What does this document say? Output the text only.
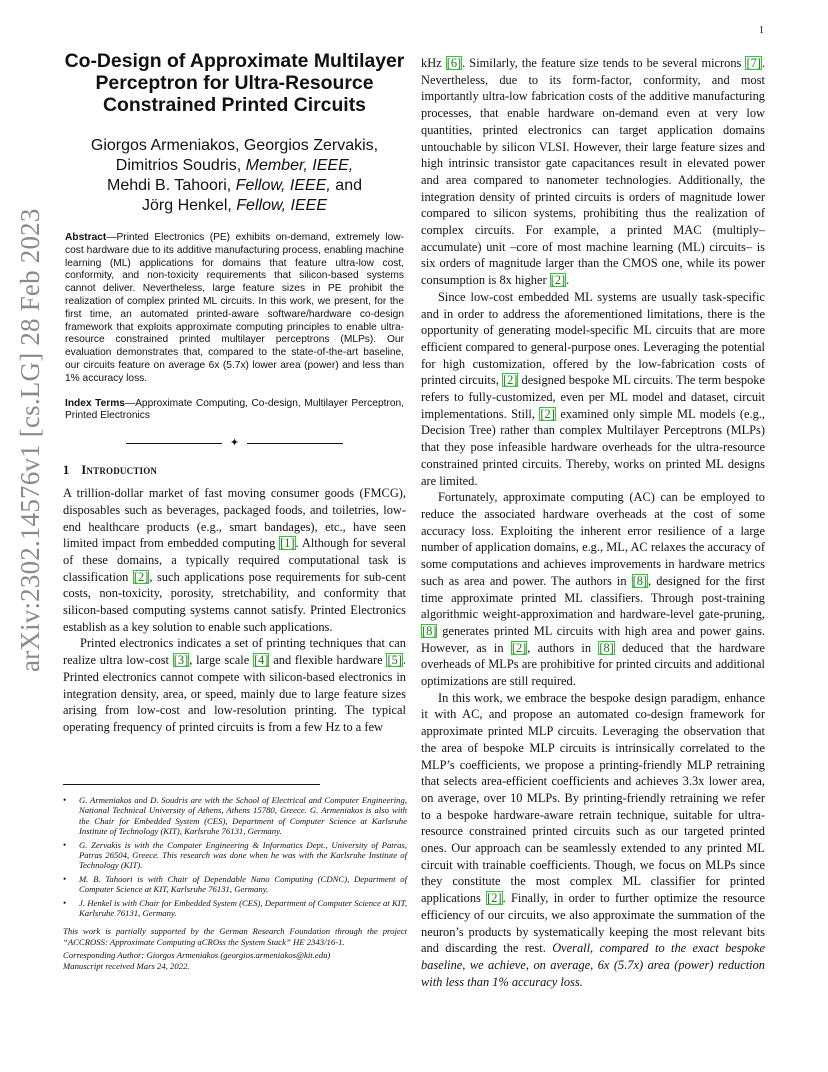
1
arXiv:2302.14576v1 [cs.LG] 28 Feb 2023
Co-Design of Approximate Multilayer
Perceptron for Ultra-Resource
Constrained Printed Circuits
Giorgos Armeniakos, Georgios Zervakis,
Dimitrios Soudris, Member, IEEE,
Mehdi B. Tahoori, Fellow, IEEE, and
Jörg Henkel, Fellow, IEEE

Abstract—Printed Electronics (PE) exhibits on-demand, extremely low-cost hardware due to its additive manufacturing process, enabling machine learning (ML) applications for domains that feature ultra-low cost, conformity, and non-toxicity requirements that silicon-based systems cannot deliver. Nevertheless, large feature sizes in PE prohibit the realization of complex printed ML circuits. In this work, we present, for the first time, an automated printed-aware software/hardware co-design framework that exploits approximate computing principles to enable ultra-resource constrained printed multilayer perceptrons (MLPs). Our evaluation demonstrates that, compared to the state-of-the-art baseline, our circuits feature on average 6x (5.7x) lower area (power) and less than 1% accuracy loss.

Index Terms—Approximate Computing, Co-design, Multilayer Perceptron, Printed Electronics

✦
1 Introduction

A trillion-dollar market of fast moving consumer goods (FMCG), disposables such as beverages, packaged foods, and toiletries, low-end healthcare products (e.g., smart bandages), etc., have seen limited impact from embedded computing [1]. Although for several of these domains, a typically required computational task is classification [2], such applications pose requirements for sub-cent costs, non-toxicity, porosity, stretchability, and conformity that silicon-based computing systems cannot satisfy. Printed Electronics establish as a key solution to enable such applications.

Printed electronics indicates a set of printing techniques that can realize ultra low-cost [3], large scale [4] and flexible hardware [5]. Printed electronics cannot compete with silicon-based electronics in integration density, area, or speed, mainly due to large feature sizes arising from low-cost and low-resolution printing. The typical operating frequency of printed circuits is from a few Hz to a few

• G. Armeniakos and D. Soudris are with the School of Electrical and Computer Engineering, National Technical University of Athens, Athens 15780, Greece. G. Armeniakos is also with the Chair for Embedded System (CES), Department of Computer Science at Karlsruhe Institute of Technology (KIT), Karlsruhe 76131, Germany.
• G. Zervakis is with the Computer Engineering & Informatics Dept., University of Patras, Patras 26504, Greece. This research was done when he was with the Karlsruhe Institute of Technology (KIT).
• M. B. Tahoori is with Chair of Dependable Nano Computing (CDNC), Department of Computer Science at KIT, Karlsruhe 76131, Germany.
• J. Henkel is with Chair for Embedded System (CES), Department of Computer Science at KIT, Karlsruhe 76131, Germany.

This work is partially supported by the German Research Foundation through the project “ACCROSS: Approximate Computing aCROss the System Stack” HE 2343/16-1.

Corresponding Author: Giorgos Armeniakos (georgios.armeniakos@kit.edu)

Manuscript received Mars 24, 2022.

kHz [6]. Similarly, the feature size tends to be several microns [7]. Nevertheless, due to its form-factor, conformity, and most importantly ultra-low fabrication costs of the additive manufacturing processes, that enable hardware on-demand even at very low quantities, printed electronics can target application domains untouchable by silicon VLSI. However, their large feature sizes and high intrinsic transistor gate capacitances result in elevated power and area compared to nanometer technologies. Additionally, the integration density of printed circuits is orders of magnitude lower compared to silicon systems, prohibiting thus the realization of complex circuits. For example, a printed MAC (multiply–accumulate) unit –core of most machine learning (ML) circuits– is six orders of magnitude larger than the CMOS one, while its power consumption is 8x higher [2].

Since low-cost embedded ML systems are usually task-specific and in order to address the aforementioned limitations, there is the opportunity of generating model-specific ML circuits that are more efficient compared to general-purpose ones. Leveraging the potential for high customization, offered by the low-fabrication costs of printed circuits, [2] designed bespoke ML circuits. The term bespoke refers to fully-customized, even per ML model and dataset, circuit implementations. Still, [2] examined only simple ML models (e.g., Decision Tree) rather than complex Multilayer Perceptrons (MLPs) that they pose infeasible hardware overheads for the ultra-resource constrained printed circuits. Thereby, works on printed ML designs are limited.

Fortunately, approximate computing (AC) can be employed to reduce the associated hardware overheads at the cost of some accuracy loss. Exploiting the inherent error resilience of a large number of application domains, e.g., ML, AC relaxes the accuracy of some computations and achieves improvements in hardware metrics such as area and power. The authors in [8], designed for the first time approximate printed ML classifiers. Through post-training algorithmic weight-approximation and hardware-level gate-pruning, [8] generates printed ML circuits with high area and power gains. However, as in [2], authors in [8] deduced that the hardware overheads of MLPs are prohibitive for printed circuits and additional optimizations are still required.

In this work, we embrace the bespoke design paradigm, enhance it with AC, and propose an automated co-design framework for approximate printed MLP circuits. Leveraging the observation that the area of bespoke MLP circuits is intrinsically correlated to the MLP’s coefficients, we propose a printing-friendly MLP retraining that selects area-efficient coefficients and achieves 3.3x lower area, on average, over 10 MLPs. By printing-friendly retraining we refer to a bespoke hardware-aware retrain technique, suitable for ultra-resource constrained printed circuits such as our targeted printed ones. Our approach can be seamlessly extended to any printed ML circuit with trainable coefficients. Though, we focus on MLPs since they constitute the most complex ML classifier for printed applications [2]. Finally, in order to further optimize the resource efficiency of our circuits, we also approximate the summation of the neuron’s products by systematically keeping the most relevant bits and discarding the rest. Overall, compared to the exact bespoke baseline, we achieve, on average, 6x (5.7x) area (power) reduction with less than 1% accuracy loss.
